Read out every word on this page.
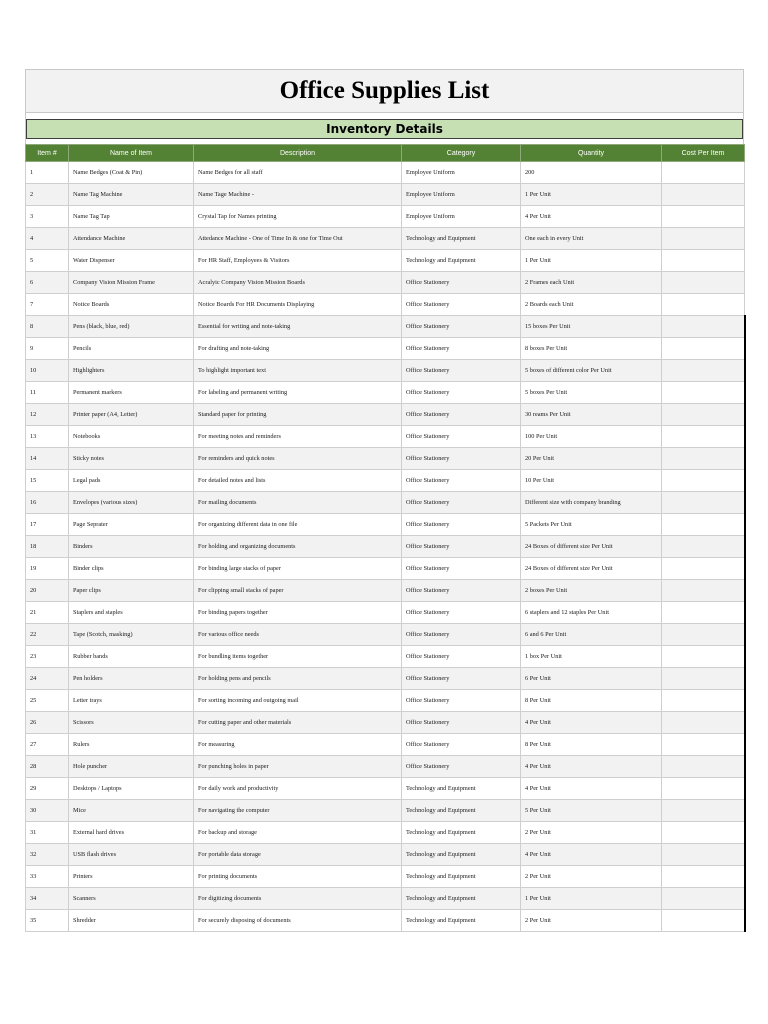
Office Supplies List
Inventory Details
Item #	Name of Item	Description	Category	Quantity	Cost Per Item
1	Name Bedges (Coat & Pin)	Name Bedges for all staff	Employee Uniform	200	
2	Name Tag Machine	Name Tage Machine -	Employee Uniform	1 Per Unit	
3	Name Tag Tap	Crystal Tap for Names printing	Employee Uniform	4 Per Unit	
4	Attendance Machine	Attedance Machine - One of Time In & one for Time Out	Technology and Equipment	One each in every Unit	
5	Water Dispenser	For HR Staff, Employees & Visitors	Technology and Equipment	1 Per Unit	
6	Company Vision Mission Frame	Acralyic Company Vision Mission Boards	Office Stationery	2 Frames each Unit	
7	Notice Boards	Notice Boards For HR Documents Displaying	Office Stationery	2 Boards each Unit	
8	Pens (black, blue, red)	Essential for writing and note-taking	Office Stationery	15 boxes Per Unit	
9	Pencils	For drafting and note-taking	Office Stationery	8 boxes Per Unit	
10	Highlighters	To highlight important text	Office Stationery	5 boxes of different color Per Unit	
11	Permanent markers	For labeling and permanent writing	Office Stationery	5 boxes Per Unit	
12	Printer paper (A4, Letter)	Standard paper for printing	Office Stationery	30 reams Per Unit	
13	Notebooks	For meeting notes and reminders	Office Stationery	100 Per Unit	
14	Sticky notes	For reminders and quick notes	Office Stationery	20 Per Unit	
15	Legal pads	For detailed notes and lists	Office Stationery	10 Per Unit	
16	Envelopes (various sizes)	For mailing documents	Office Stationery	Different size with company branding	
17	Page Seprater	For organizing different data in one file	Office Stationery	5 Packets Per Unit	
18	Binders	For holding and organizing documents	Office Stationery	24 Boxes of different size Per Unit	
19	Binder clips	For binding large stacks of paper	Office Stationery	24 Boxes of different size Per Unit	
20	Paper clips	For clipping small stacks of paper	Office Stationery	2 boxes Per Unit	
21	Staplers and staples	For binding papers together	Office Stationery	6 staplers and 12 staples Per Unit	
22	Tape (Scotch, masking)	For various office needs	Office Stationery	6 and 6 Per Unit	
23	Rubber bands	For bundling items together	Office Stationery	1 box Per Unit	
24	Pen holders	For holding pens and pencils	Office Stationery	6 Per Unit	
25	Letter trays	For sorting incoming and outgoing mail	Office Stationery	8 Per Unit	
26	Scissors	For cutting paper and other materials	Office Stationery	4 Per Unit	
27	Rulers	For measuring	Office Stationery	8 Per Unit	
28	Hole puncher	For punching holes in paper	Office Stationery	4 Per Unit	
29	Desktops / Laptops	For daily work and productivity	Technology and Equipment	4 Per Unit	
30	Mice	For navigating the computer	Technology and Equipment	5 Per Unit	
31	External hard drives	For backup and storage	Technology and Equipment	2 Per Unit	
32	USB flash drives	For portable data storage	Technology and Equipment	4 Per Unit	
33	Printers	For printing documents	Technology and Equipment	2 Per Unit	
34	Scanners	For digitizing documents	Technology and Equipment	1 Per Unit	
35	Shredder	For securely disposing of documents	Technology and Equipment	2 Per Unit	
